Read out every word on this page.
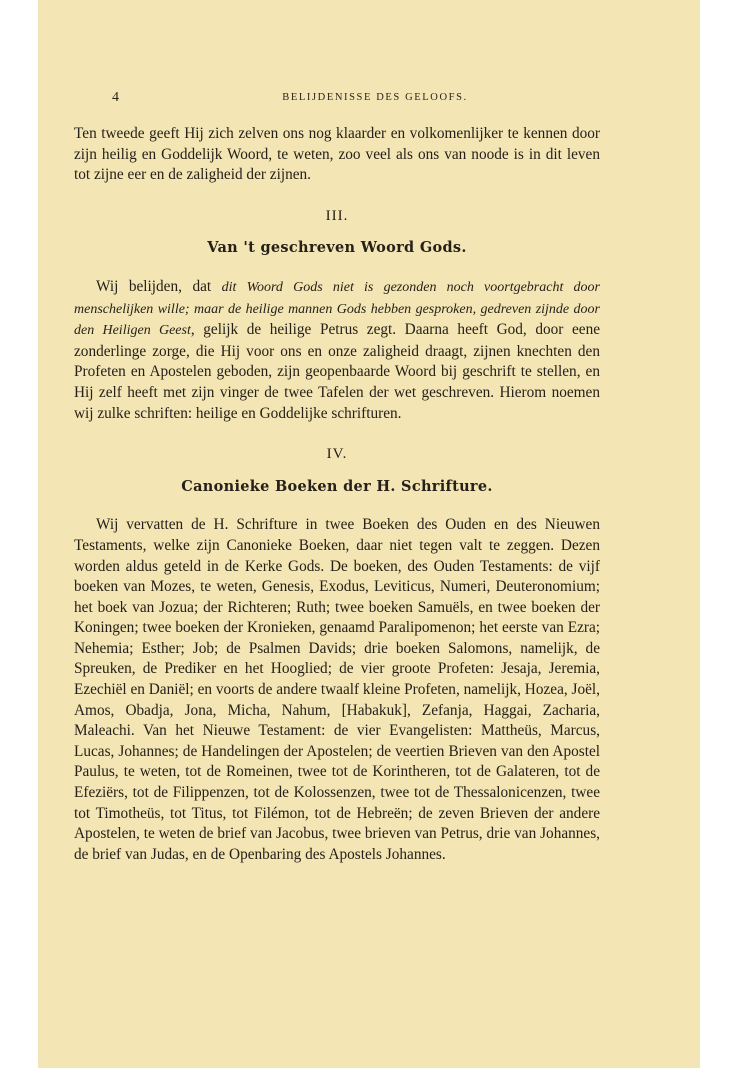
4	BELIJDENISSE DES GELOOFS.

Ten tweede geeft Hij zich zelven ons nog klaarder en volkomenlijker te kennen door zijn heilig en Goddelijk Woord, te weten, zoo veel als ons van noode is in dit leven tot zijne eer en de zaligheid der zijnen.

III.
Van 't geschreven Woord Gods.

Wij belijden, dat dit Woord Gods niet is gezonden noch voortgebracht door menschelijken wille; maar de heilige mannen Gods hebben gesproken, gedreven zijnde door den Heiligen Geest, gelijk de heilige Petrus zegt. Daarna heeft God, door eene zonderlinge zorge, die Hij voor ons en onze zaligheid draagt, zijnen knechten den Profeten en Apostelen geboden, zijn geopenbaarde Woord bij geschrift te stellen, en Hij zelf heeft met zijn vinger de twee Tafelen der wet geschreven. Hierom noemen wij zulke schriften: heilige en Goddelijke schrifturen.

IV.
Canonieke Boeken der H. Schrifture.

Wij vervatten de H. Schrifture in twee Boeken des Ouden en des Nieuwen Testaments, welke zijn Canonieke Boeken, daar niet tegen valt te zeggen. Dezen worden aldus geteld in de Kerke Gods. De boeken, des Ouden Testaments: de vijf boeken van Mozes, te weten, Genesis, Exodus, Leviticus, Numeri, Deuteronomium; het boek van Jozua; der Richteren; Ruth; twee boeken Samuëls, en twee boeken der Koningen; twee boeken der Kronieken, genaamd Paralipomenon; het eerste van Ezra; Nehemia; Esther; Job; de Psalmen Davids; drie boeken Salomons, namelijk, de Spreuken, de Prediker en het Hooglied; de vier groote Profeten: Jesaja, Jeremia, Ezechiël en Daniël; en voorts de andere twaalf kleine Profeten, namelijk, Hozea, Joël, Amos, Obadja, Jona, Micha, Nahum, [Habakuk], Zefanja, Haggai, Zacharia, Maleachi. Van het Nieuwe Testament: de vier Evangelisten: Mattheüs, Marcus, Lucas, Johannes; de Handelingen der Apostelen; de veertien Brieven van den Apostel Paulus, te weten, tot de Romeinen, twee tot de Korintheren, tot de Galateren, tot de Efeziërs, tot de Filippenzen, tot de Kolossenzen, twee tot de Thessalonicenzen, twee tot Timotheüs, tot Titus, tot Filémon, tot de Hebreën; de zeven Brieven der andere Apostelen, te weten de brief van Jacobus, twee brieven van Petrus, drie van Johannes, de brief van Judas, en de Openbaring des Apostels Johannes.
